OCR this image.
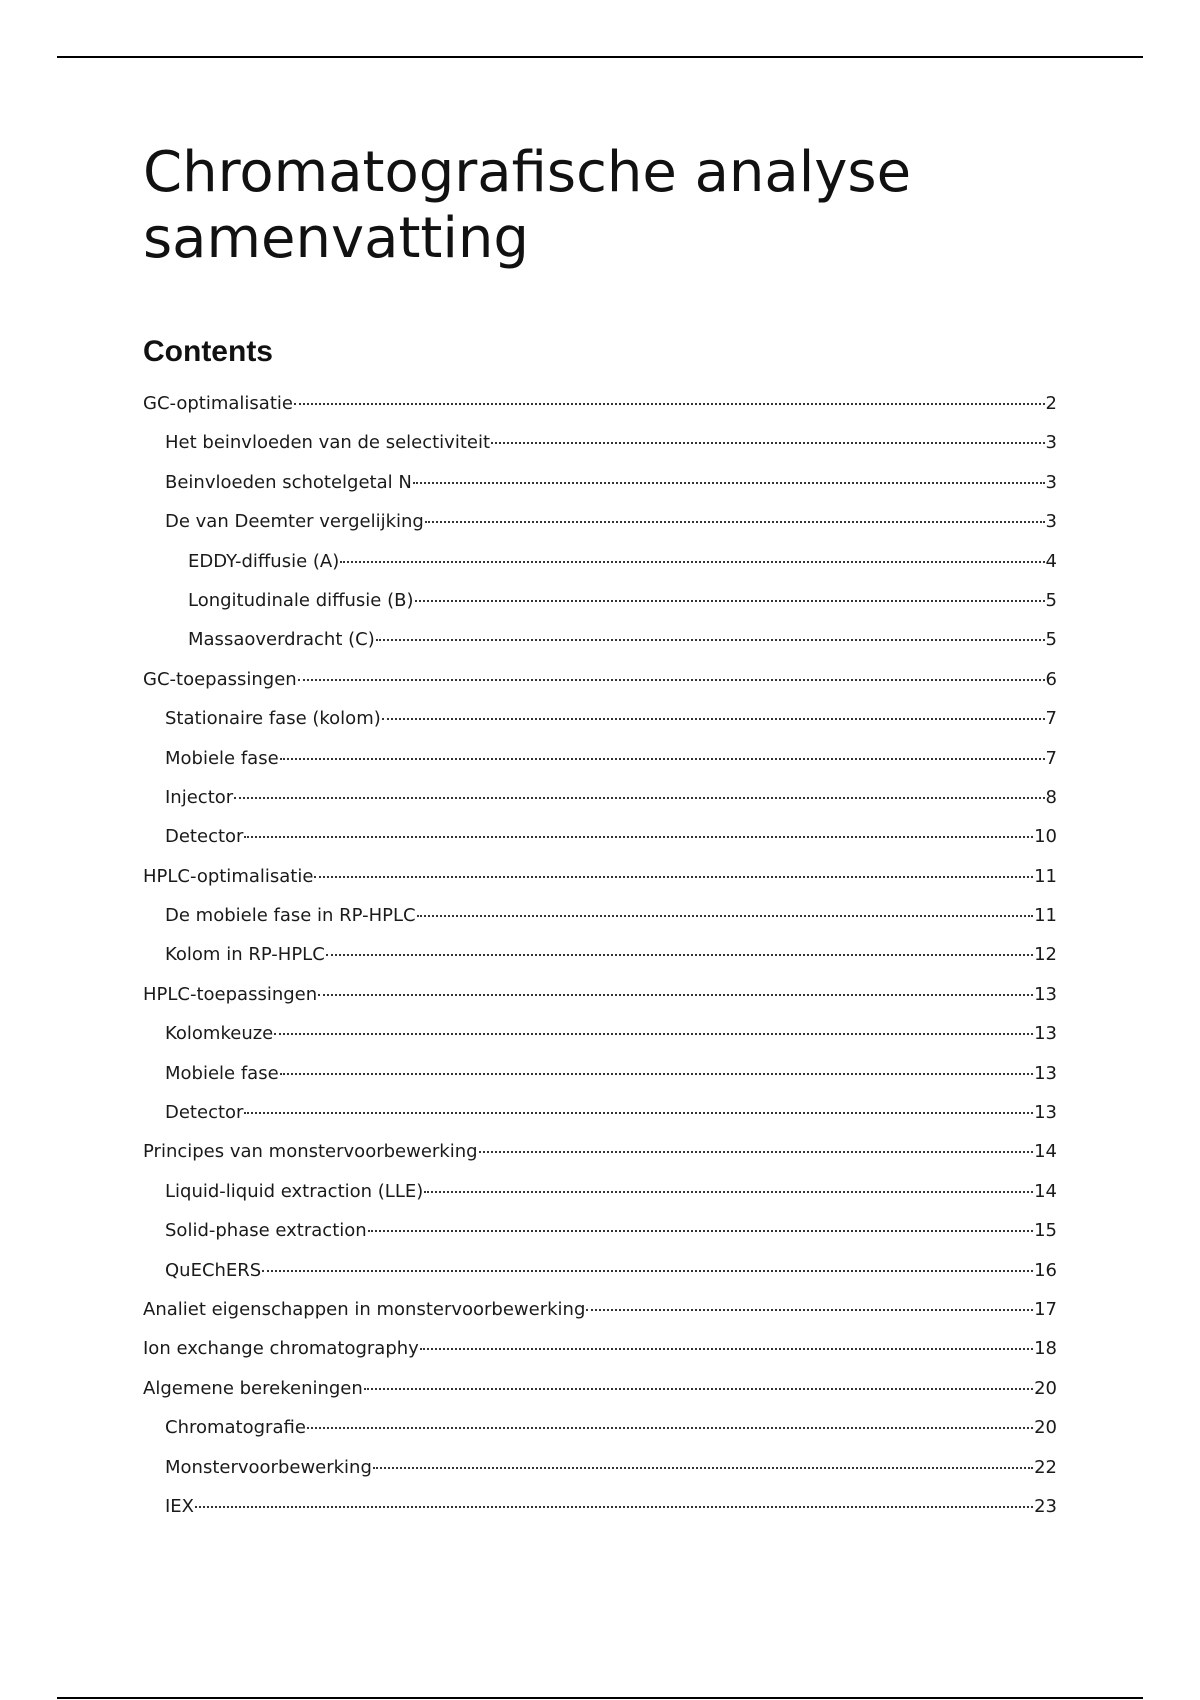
Chromatografische analyse samenvatting
Contents
GC-optimalisatie	2
Het beinvloeden van de selectiviteit	3
Beinvloeden schotelgetal N	3
De van Deemter vergelijking	3
EDDY-diffusie (A)	4
Longitudinale diffusie (B)	5
Massaoverdracht (C)	5
GC-toepassingen	6
Stationaire fase (kolom)	7
Mobiele fase	7
Injector	8
Detector	10
HPLC-optimalisatie	11
De mobiele fase in RP-HPLC	11
Kolom in RP-HPLC	12
HPLC-toepassingen	13
Kolomkeuze	13
Mobiele fase	13
Detector	13
Principes van monstervoorbewerking	14
Liquid-liquid extraction (LLE)	14
Solid-phase extraction	15
QuEChERS	16
Analiet eigenschappen in monstervoorbewerking	17
Ion exchange chromatography	18
Algemene berekeningen	20
Chromatografie	20
Monstervoorbewerking	22
IEX	23
